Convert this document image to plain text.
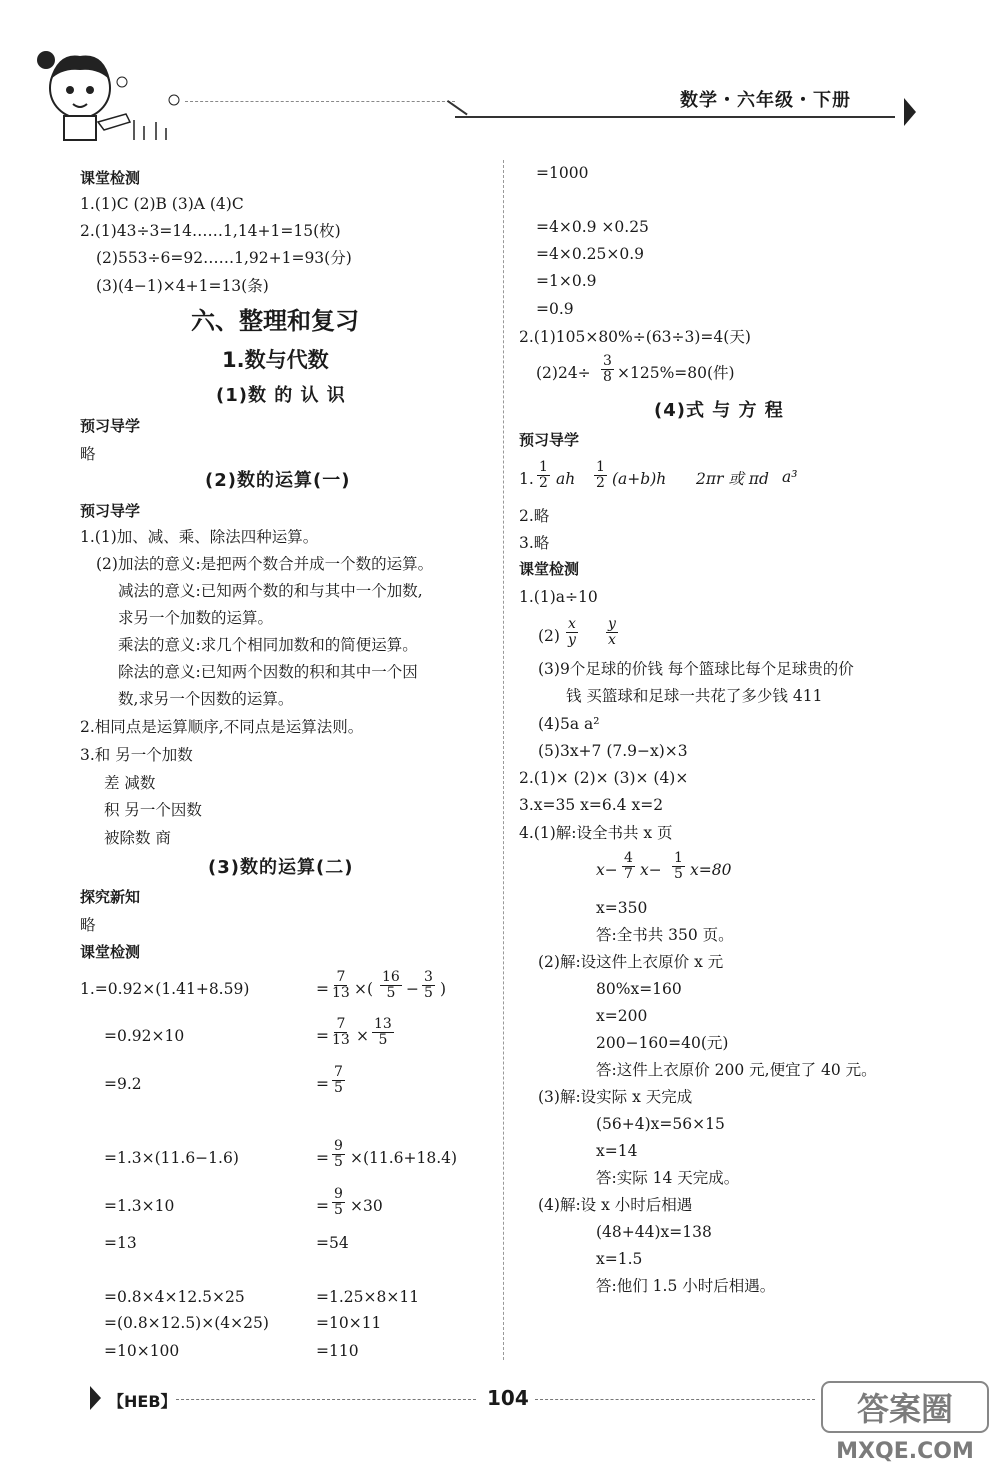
数学・六年级・下册
课堂检测
1.(1)C (2)B (3)A (4)C
2.(1)43÷3=14……1,14+1=15(枚)
(2)553÷6=92……1,92+1=93(分)
(3)(4−1)×4+1=13(条)
六、整理和复习
1.数与代数
(1)数 的 认 识
预习导学
略
(2)数的运算(一)
预习导学
1.(1)加、减、乘、除法四种运算。
(2)加法的意义:是把两个数合并成一个数的运算。
减法的意义:已知两个数的和与其中一个加数,
求另一个加数的运算。
乘法的意义:求几个相同加数和的简便运算。
除法的意义:已知两个因数的积和其中一个因
数,求另一个因数的运算。
2.相同点是运算顺序,不同点是运算法则。
3.和 另一个加数
差 减数
积 另一个因数
被除数 商
(3)数的运算(二)
探究新知
略
课堂检测
1.=0.92×(1.41+8.59)
=0.92×10
=9.2
= $\frac{7}{13}$ ×( $\frac{16}{5} - \frac{3}{5}$ )
= $\frac{7}{13} \times \frac{13}{5}$
= $\frac{7}{5}$
=1.3×(11.6−1.6)
=1.3×10
=13
= $\frac{9}{5} \times(11.6+18.4)$
= $\frac{9}{5} \times 30$
=54
=0.8×4×12.5×25
=(0.8×12.5)×(4×25)
=10×100
=1.25×8×11
=10×11
=110
=1000
=4×0.9 ×0.25
=4×0.25×0.9
=1×0.9
=0.9
2.(1)105×80%÷(63÷3)=4(天)
$(2)24\div \frac{3}{8} \times 125\%=80$(件)
(4)式 与 方 程
预习导学
1. $\frac{1}{2}$ ah $\frac{1}{2} (a+b)h$ 2πr 或 πd a³
2.略
3.略
课堂检测
1.(1)a÷10
$(2) \frac{x}{y} \frac{y}{x}$
(3)9个足球的价钱 每个篮球比每个足球贵的价
钱 买篮球和足球一共花了多少钱 411
(4)5a a²
(5)3x+7 (7.9−x)×3
2.(1)× (2)× (3)× (4)×
3.x=35 x=6.4 x=2
4.(1)解:设全书共 x 页
$x- \frac{4}{7} x- \frac{1}{5} x=80$
x=350
答:全书共 350 页。
(2)解:设这件上衣原价 x 元
80%x=160
x=200
200−160=40(元)
答:这件上衣原价 200 元,便宜了 40 元。
(3)解:设实际 x 天完成
(56+4)x=56×15
x=14
答:实际 14 天完成。
(4)解:设 x 小时后相遇
(48+44)x=138
x=1.5
答:他们 1.5 小时后相遇。
【HEB】	104	答案圈
MXQE.COM
